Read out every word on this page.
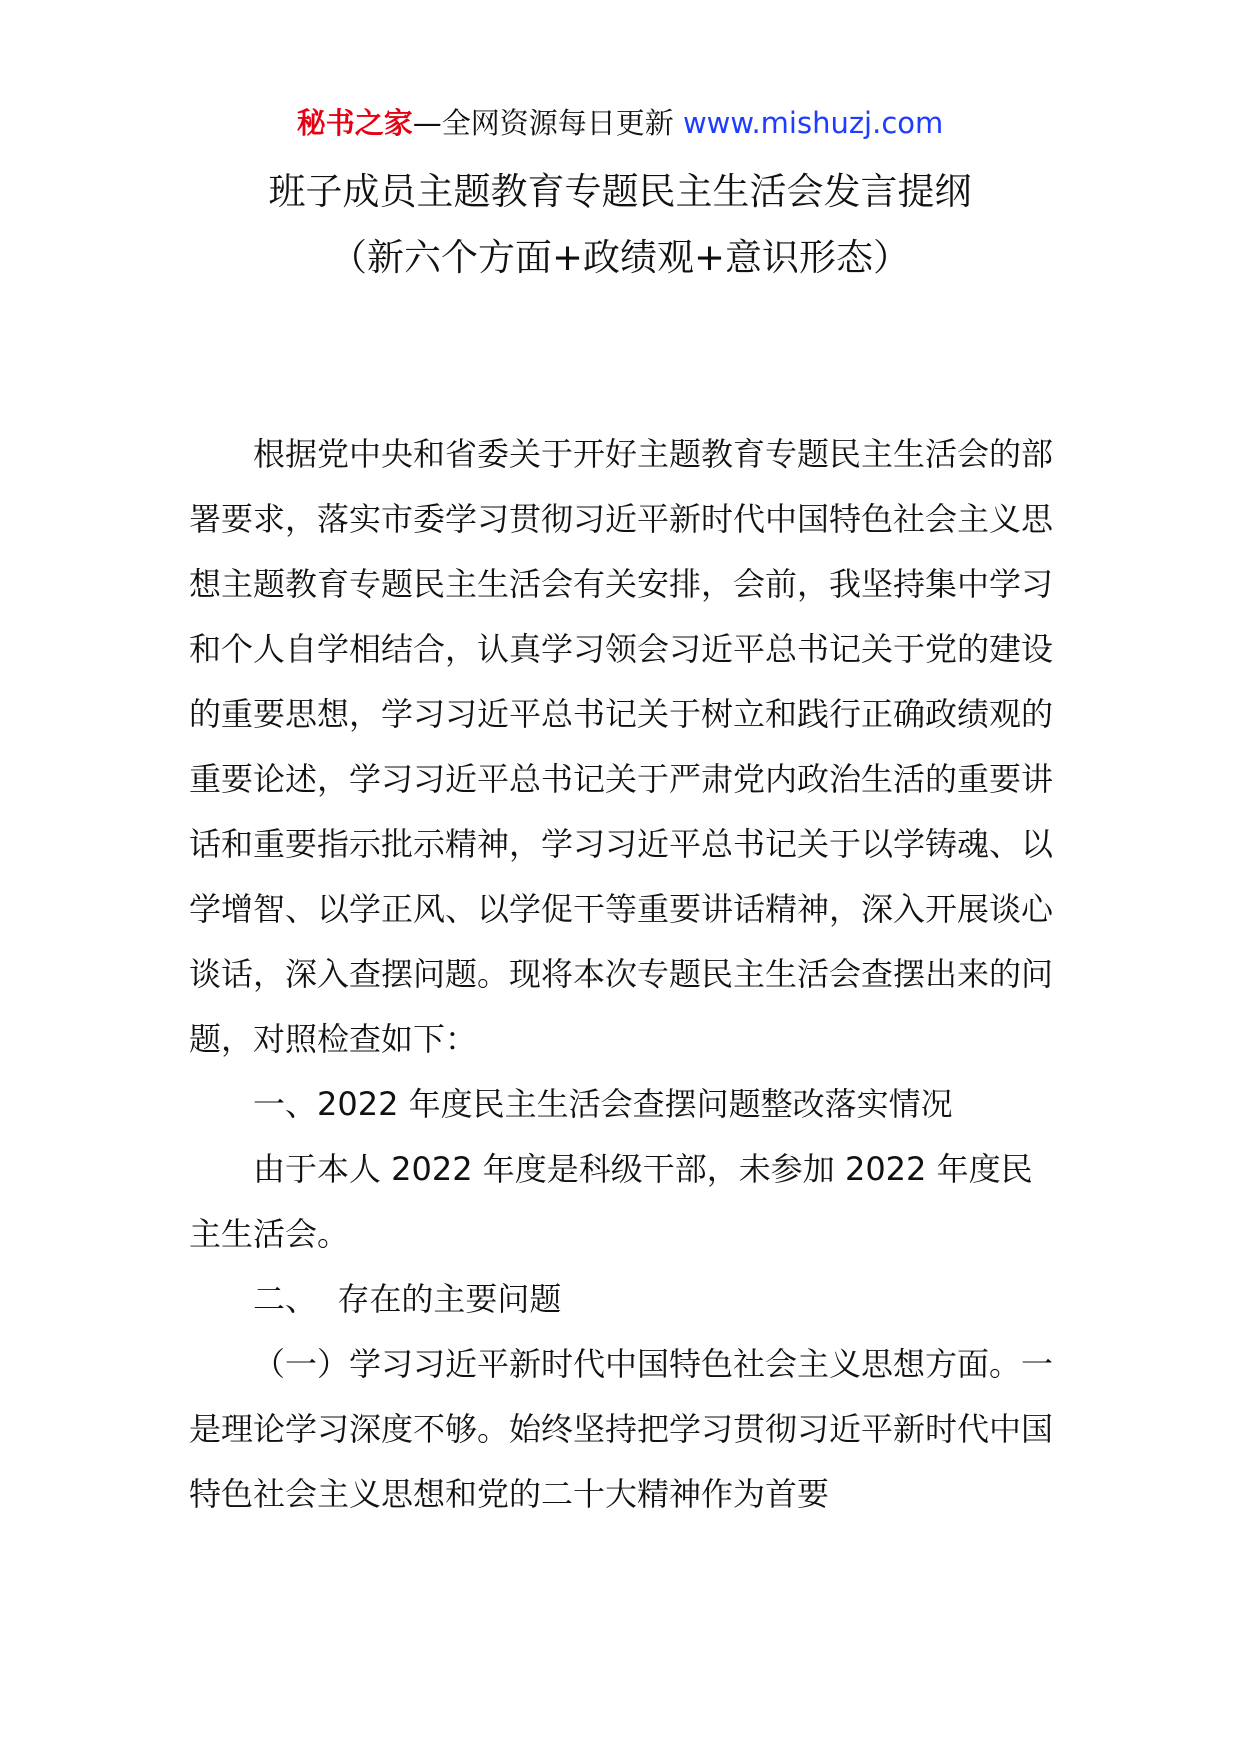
秘书之家—全网资源每日更新 www.mishuzj.com
班子成员主题教育专题民主生活会发言提纲
（新六个方面+政绩观+意识形态）

根据党中央和省委关于开好主题教育专题民主生活会的部署要求，落实市委学习贯彻习近平新时代中国特色社会主义思想主题教育专题民主生活会有关安排，会前，我坚持集中学习和个人自学相结合，认真学习领会习近平总书记关于党的建设的重要思想，学习习近平总书记关于树立和践行正确政绩观的重要论述，学习习近平总书记关于严肃党内政治生活的重要讲话和重要指示批示精神，学习习近平总书记关于以学铸魂、以学增智、以学正风、以学促干等重要讲话精神，深入开展谈心谈话，深入查摆问题。现将本次专题民主生活会查摆出来的问题，对照检查如下：

一、2022 年度民主生活会查摆问题整改落实情况

由于本人 2022 年度是科级干部，未参加 2022 年度民主生活会。

二、  存在的主要问题

（一）学习习近平新时代中国特色社会主义思想方面。一是理论学习深度不够。始终坚持把学习贯彻习近平新时代中国特色社会主义思想和党的二十大精神作为首要
